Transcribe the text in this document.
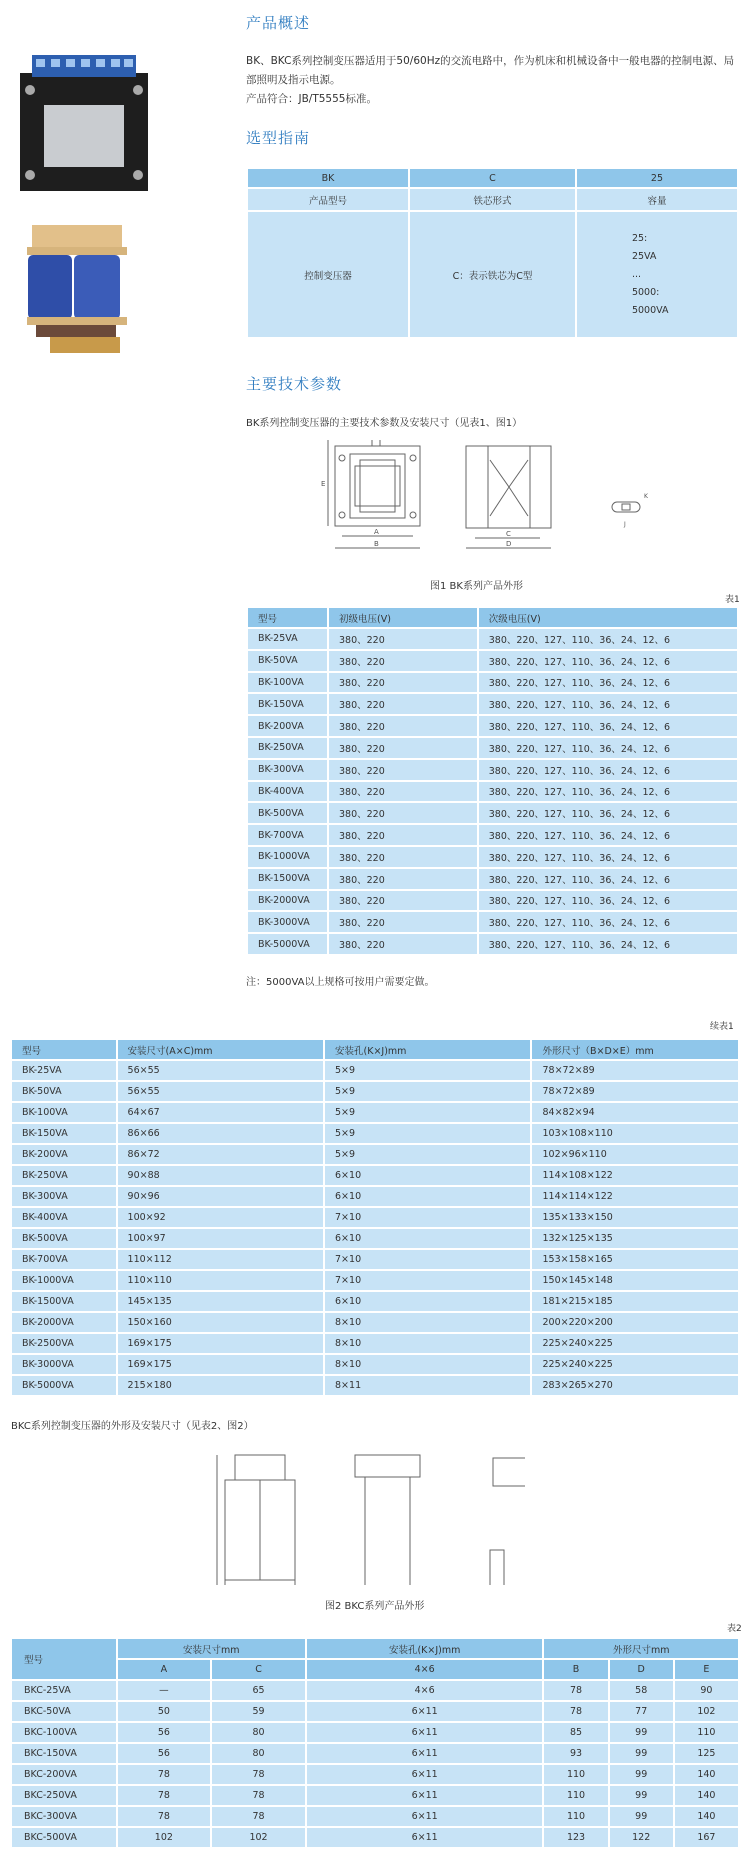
产品概述
BK、BKC系列控制变压器适用于50/60Hz的交流电路中，作为机床和机械设备中一般电器的控制电源、局部照明及指示电源。
产品符合：JB/T5555标准。
选型指南
BK	C	25
产品型号	铁芯形式	容量
控制变压器	C：表示铁芯为C型	25:
25VA
...
5000:
5000VA
主要技术参数
BK系列控制变压器的主要技术参数及安装尺寸（见表1、图1）
A
B
E
C
D
K
J
图1 BK系列产品外形
表1
型号	初级电压(V)	次级电压(V)
BK-25VA	380、220	380、220、127、110、36、24、12、6
BK-50VA	380、220	380、220、127、110、36、24、12、6
BK-100VA	380、220	380、220、127、110、36、24、12、6
BK-150VA	380、220	380、220、127、110、36、24、12、6
BK-200VA	380、220	380、220、127、110、36、24、12、6
BK-250VA	380、220	380、220、127、110、36、24、12、6
BK-300VA	380、220	380、220、127、110、36、24、12、6
BK-400VA	380、220	380、220、127、110、36、24、12、6
BK-500VA	380、220	380、220、127、110、36、24、12、6
BK-700VA	380、220	380、220、127、110、36、24、12、6
BK-1000VA	380、220	380、220、127、110、36、24、12、6
BK-1500VA	380、220	380、220、127、110、36、24、12、6
BK-2000VA	380、220	380、220、127、110、36、24、12、6
BK-3000VA	380、220	380、220、127、110、36、24、12、6
BK-5000VA	380、220	380、220、127、110、36、24、12、6
注：5000VA以上规格可按用户需要定做。
续表1
型号	安装尺寸(A×C)mm	安装孔(K×J)mm	外形尺寸（B×D×E）mm
BK-25VA	56×55	5×9	78×72×89
BK-50VA	56×55	5×9	78×72×89
BK-100VA	64×67	5×9	84×82×94
BK-150VA	86×66	5×9	103×108×110
BK-200VA	86×72	5×9	102×96×110
BK-250VA	90×88	6×10	114×108×122
BK-300VA	90×96	6×10	114×114×122
BK-400VA	100×92	7×10	135×133×150
BK-500VA	100×97	6×10	132×125×135
BK-700VA	110×112	7×10	153×158×165
BK-1000VA	110×110	7×10	150×145×148
BK-1500VA	145×135	6×10	181×215×185
BK-2000VA	150×160	8×10	200×220×200
BK-2500VA	169×175	8×10	225×240×225
BK-3000VA	169×175	8×10	225×240×225
BK-5000VA	215×180	8×11	283×265×270
BKC系列控制变压器的外形及安装尺寸（见表2、图2）
图2 BKC系列产品外形
表2
型号	安装尺寸mm		安装孔(K×J)mm	外形尺寸mm		
	A	C	4×6	B	D	E
BKC-25VA	—	65	4×6	78	58	90
BKC-50VA	50	59	6×11	78	77	102
BKC-100VA	56	80	6×11	85	99	110
BKC-150VA	56	80	6×11	93	99	125
BKC-200VA	78	78	6×11	110	99	140
BKC-250VA	78	78	6×11	110	99	140
BKC-300VA	78	78	6×11	110	99	140
BKC-500VA	102	102	6×11	123	122	167
